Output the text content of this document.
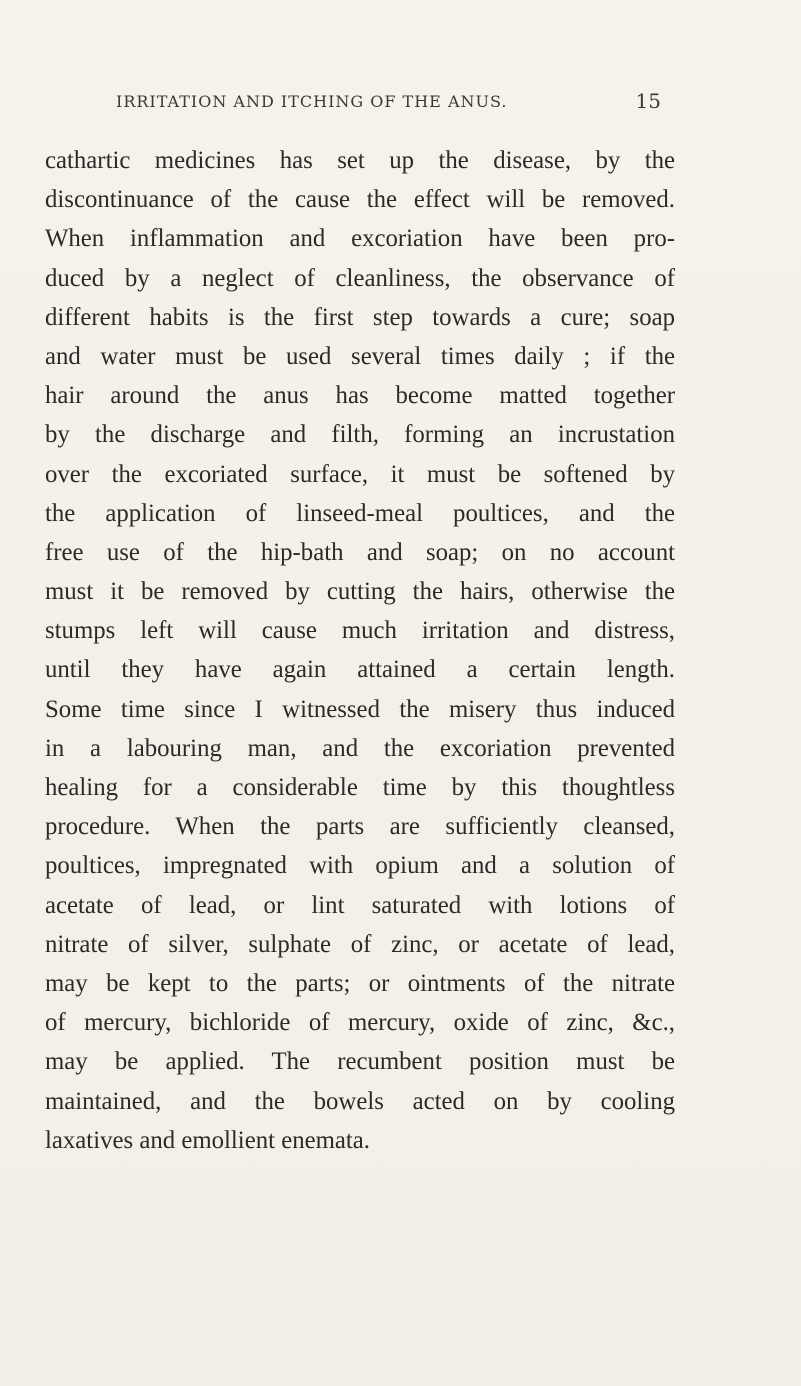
IRRITATION AND ITCHING OF THE ANUS.	15
cathartic medicines has set up the disease, by the
discontinuance of the cause the effect will be removed.
When inflammation and excoriation have been pro-
duced by a neglect of cleanliness, the observance of
different habits is the first step towards a cure; soap
and water must be used several times daily ; if the
hair around the anus has become matted together
by the discharge and filth, forming an incrustation
over the excoriated surface, it must be softened by
the application of linseed-meal poultices, and the
free use of the hip-bath and soap; on no account
must it be removed by cutting the hairs, otherwise the
stumps left will cause much irritation and distress,
until they have again attained a certain length.
Some time since I witnessed the misery thus induced
in a labouring man, and the excoriation prevented
healing for a considerable time by this thoughtless
procedure. When the parts are sufficiently cleansed,
poultices, impregnated with opium and a solution of
acetate of lead, or lint saturated with lotions of
nitrate of silver, sulphate of zinc, or acetate of lead,
may be kept to the parts; or ointments of the nitrate
of mercury, bichloride of mercury, oxide of zinc, &c.,
may be applied. The recumbent position must be
maintained, and the bowels acted on by cooling
laxatives and emollient enemata.
